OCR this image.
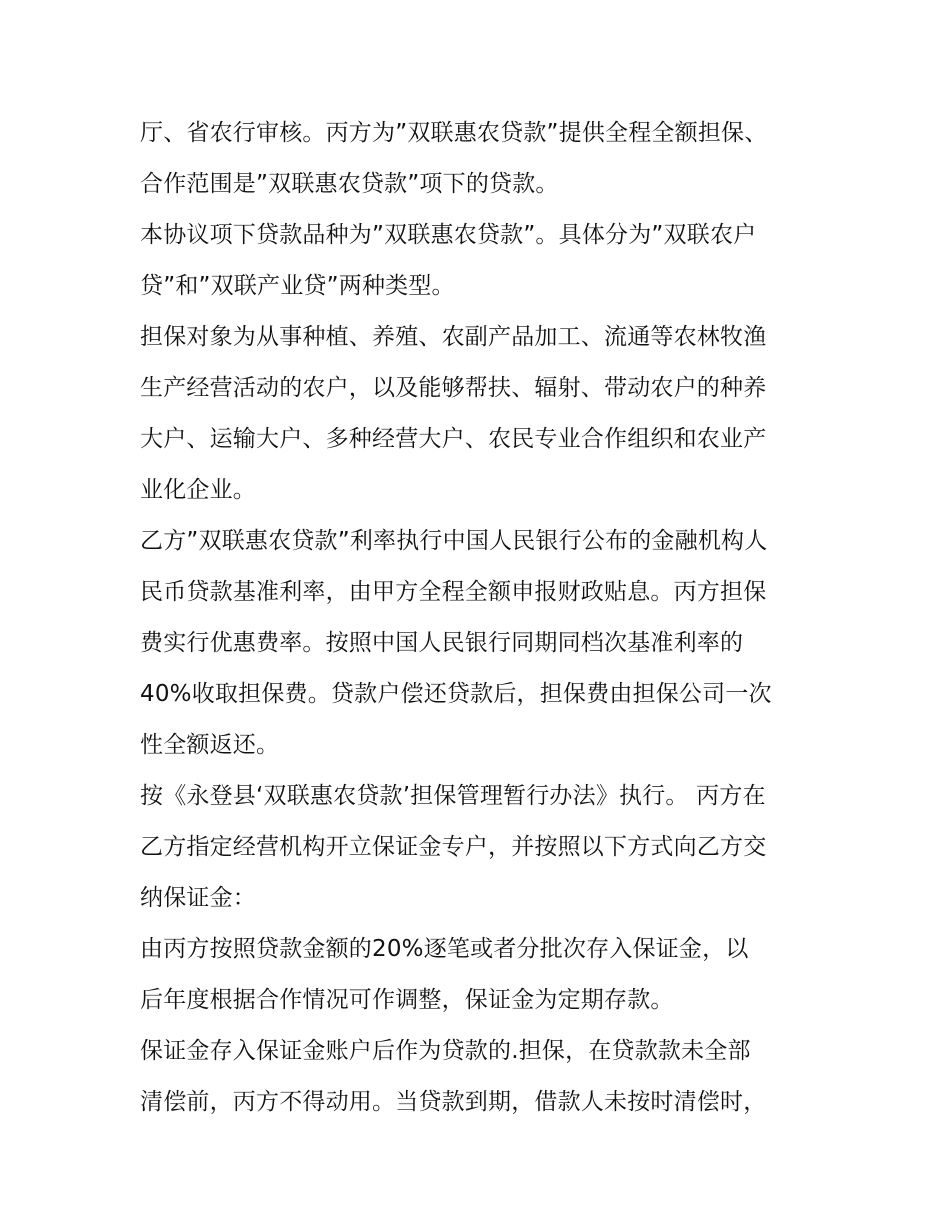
厅、省农行审核。丙方为”双联惠农贷款”提供全程全额担保、
合作范围是”双联惠农贷款”项下的贷款。
本协议项下贷款品种为”双联惠农贷款”。具体分为”双联农户
贷”和”双联产业贷”两种类型。
担保对象为从事种植、养殖、农副产品加工、流通等农林牧渔
生产经营活动的农户，以及能够帮扶、辐射、带动农户的种养
大户、运输大户、多种经营大户、农民专业合作组织和农业产
业化企业。
乙方”双联惠农贷款”利率执行中国人民银行公布的金融机构人
民币贷款基准利率，由甲方全程全额申报财政贴息。丙方担保
费实行优惠费率。按照中国人民银行同期同档次基准利率的
40%收取担保费。贷款户偿还贷款后，担保费由担保公司一次
性全额返还。
按《永登县‘双联惠农贷款’担保管理暂行办法》执行。 丙方在
乙方指定经营机构开立保证金专户，并按照以下方式向乙方交
纳保证金：
由丙方按照贷款金额的20%逐笔或者分批次存入保证金，以
后年度根据合作情况可作调整，保证金为定期存款。
保证金存入保证金账户后作为贷款的.担保，在贷款款未全部
清偿前，丙方不得动用。当贷款到期，借款人未按时清偿时，
